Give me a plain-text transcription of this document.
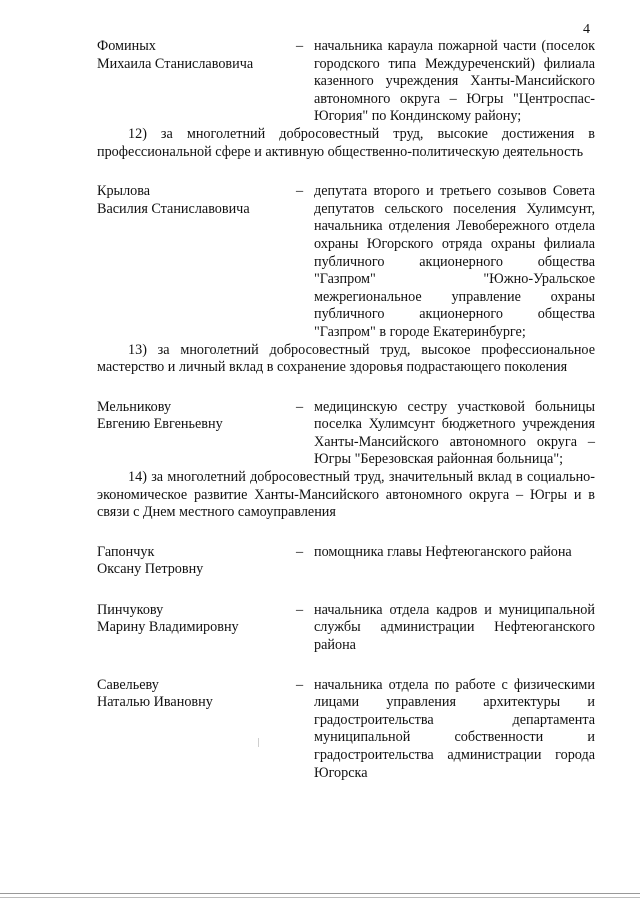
4
Фоминых
Михаила Станиславовича
– начальника караула пожарной части (поселок городского типа Междуреченский) филиала казенного учреждения Ханты-Мансийского автономного округа – Югры "Центроспас-Югория" по Кондинскому району;
12) за многолетний добросовестный труд, высокие достижения в профессиональной сфере и активную общественно-политическую деятельность
Крылова
Василия Станиславовича
– депутата второго и третьего созывов Совета депутатов сельского поселения Хулимсунт, начальника отделения Левобережного отдела охраны Югорского отряда охраны филиала публичного акционерного общества "Газпром" "Южно-Уральское межрегиональное управление охраны публичного акционерного общества "Газпром" в городе Екатеринбурге;
13) за многолетний добросовестный труд, высокое профессиональное мастерство и личный вклад в сохранение здоровья подрастающего поколения
Мельникову
Евгению Евгеньевну
– медицинскую сестру участковой больницы поселка Хулимсунт бюджетного учреждения Ханты-Мансийского автономного округа – Югры "Березовская районная больница";
14) за многолетний добросовестный труд, значительный вклад в социально-экономическое развитие Ханты-Мансийского автономного округа – Югры и в связи с Днем местного самоуправления
Гапончук
Оксану Петровну
– помощника главы Нефтеюганского района
Пинчукову
Марину Владимировну
– начальника отдела кадров и муниципальной службы администрации Нефтеюганского района
Савельеву
Наталью Ивановну
– начальника отдела по работе с физическими лицами управления архитектуры и градостроительства департамента муниципальной собственности и градостроительства администрации города Югорска
